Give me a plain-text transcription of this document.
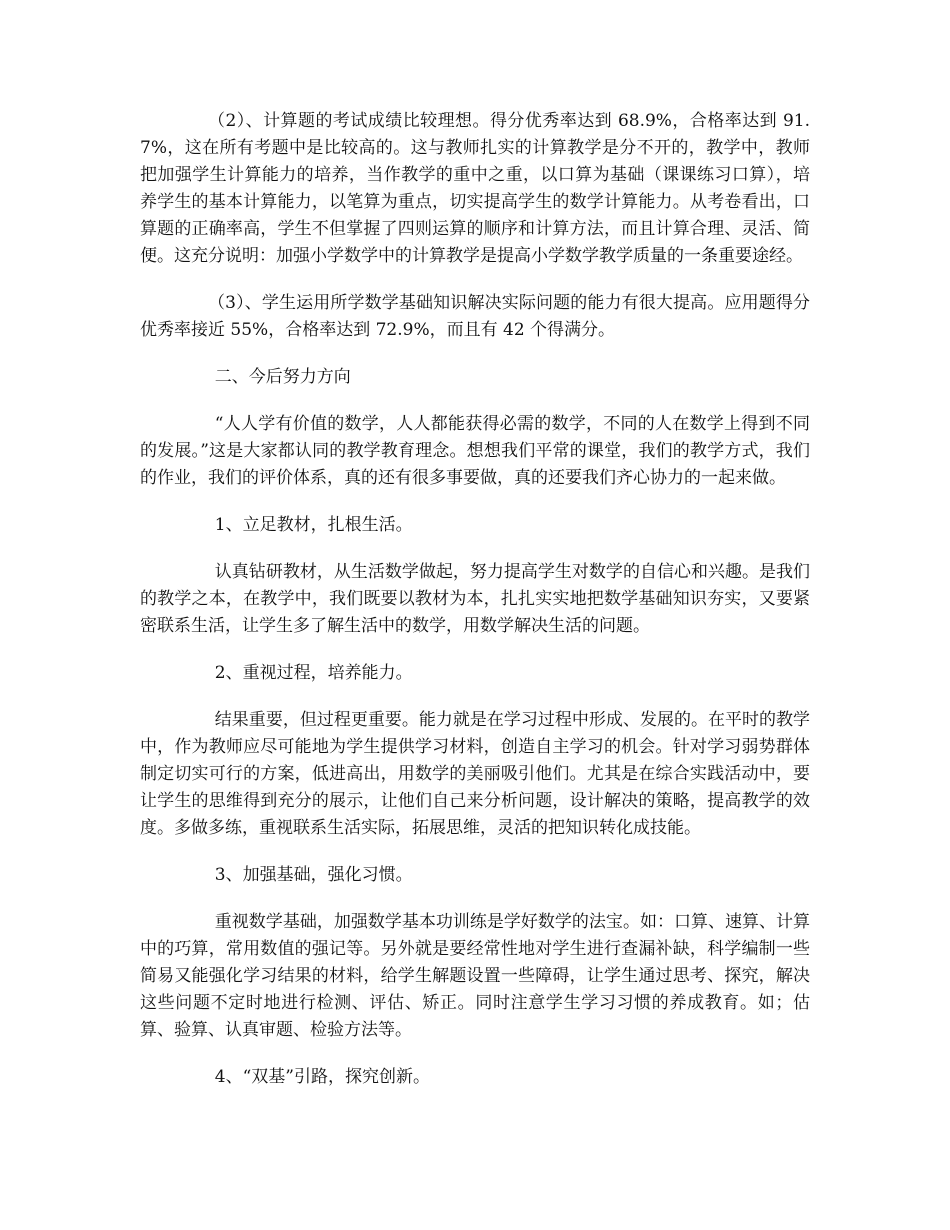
（2）、计算题的考试成绩比较理想。得分优秀率达到 68.9%，合格率达到 91.7%，这在所有考题中是比较高的。这与教师扎实的计算教学是分不开的，教学中，教师把加强学生计算能力的培养，当作教学的重中之重，以口算为基础（课课练习口算），培养学生的基本计算能力，以笔算为重点，切实提高学生的数学计算能力。从考卷看出，口算题的正确率高，学生不但掌握了四则运算的顺序和计算方法，而且计算合理、灵活、简便。这充分说明：加强小学数学中的计算教学是提高小学数学教学质量的一条重要途经。

（3）、学生运用所学数学基础知识解决实际问题的能力有很大提高。应用题得分优秀率接近 55%，合格率达到 72.9%，而且有 42 个得满分。

二、今后努力方向

“人人学有价值的数学，人人都能获得必需的数学，不同的人在数学上得到不同的发展。”这是大家都认同的教学教育理念。想想我们平常的课堂，我们的教学方式，我们的作业，我们的评价体系，真的还有很多事要做，真的还要我们齐心协力的一起来做。

1、立足教材，扎根生活。

认真钻研教材，从生活数学做起，努力提高学生对数学的自信心和兴趣。是我们的教学之本，在教学中，我们既要以教材为本，扎扎实实地把数学基础知识夯实，又要紧密联系生活，让学生多了解生活中的数学，用数学解决生活的问题。

2、重视过程，培养能力。

结果重要，但过程更重要。能力就是在学习过程中形成、发展的。在平时的教学中，作为教师应尽可能地为学生提供学习材料，创造自主学习的机会。针对学习弱势群体制定切实可行的方案，低进高出，用数学的美丽吸引他们。尤其是在综合实践活动中，要让学生的思维得到充分的展示，让他们自己来分析问题，设计解决的策略，提高教学的效度。多做多练，重视联系生活实际，拓展思维，灵活的把知识转化成技能。

3、加强基础，强化习惯。

重视数学基础，加强数学基本功训练是学好数学的法宝。如：口算、速算、计算中的巧算，常用数值的强记等。另外就是要经常性地对学生进行查漏补缺，科学编制一些简易又能强化学习结果的材料，给学生解题设置一些障碍，让学生通过思考、探究，解决这些问题不定时地进行检测、评估、矫正。同时注意学生学习习惯的养成教育。如；估算、验算、认真审题、检验方法等。

4、“双基”引路，探究创新。
